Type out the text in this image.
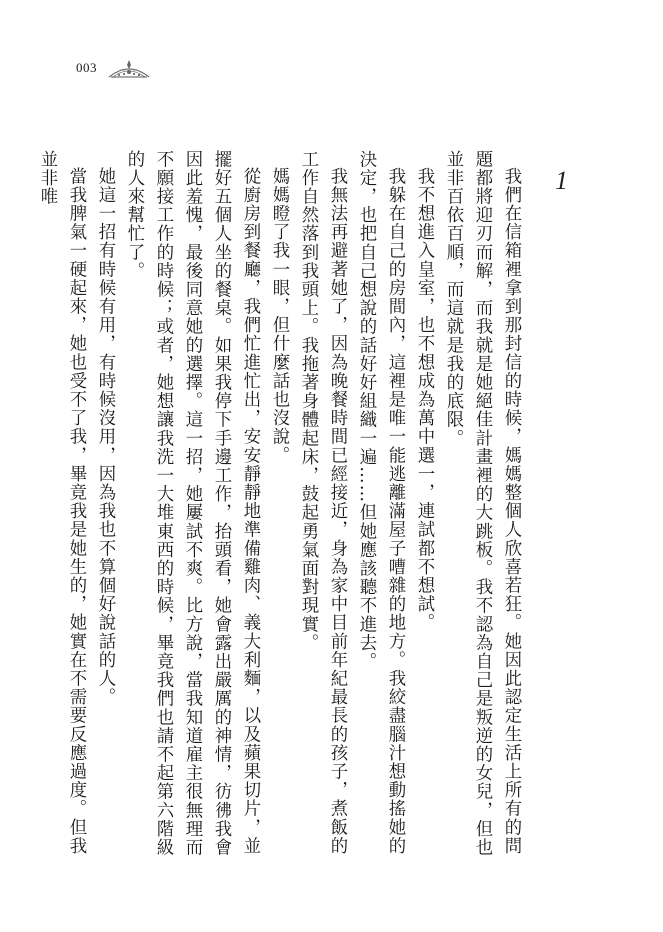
003
1

我們在信箱裡拿到那封信的時候，媽媽整個人欣喜若狂。她因此認定生活上所有的問題都將迎刃而解，而我就是她絕佳計畫裡的大跳板。我不認為自己是叛逆的女兒，但也並非百依百順，而這就是我的底限。

我不想進入皇室，也不想成為萬中選一，連試都不想試。

我躲在自己的房間內，這裡是唯一能逃離滿屋子嘈雜的地方。我絞盡腦汁想動搖她的決定，也把自己想說的話好好組織一遍……但她應該聽不進去。

我無法再避著她了，因為晚餐時間已經接近，身為家中目前年紀最長的孩子，煮飯的工作自然落到我頭上。我拖著身體起床，鼓起勇氣面對現實。

媽媽瞪了我一眼，但什麼話也沒說。

從廚房到餐廳，我們忙進忙出，安安靜靜地準備雞肉、義大利麵，以及蘋果切片，並擺好五個人坐的餐桌。如果我停下手邊工作，抬頭看，她會露出嚴厲的神情，彷彿我會因此羞愧，最後同意她的選擇。這一招，她屢試不爽。比方說，當我知道雇主很無理而不願接工作的時候；或者，她想讓我洗一大堆東西的時候，畢竟我們也請不起第六階級的人來幫忙了。

她這一招有時候有用，有時候沒用，因為我也不算個好說話的人。

當我脾氣一硬起來，她也受不了我，畢竟我是她生的，她實在不需要反應過度。但我並非唯
